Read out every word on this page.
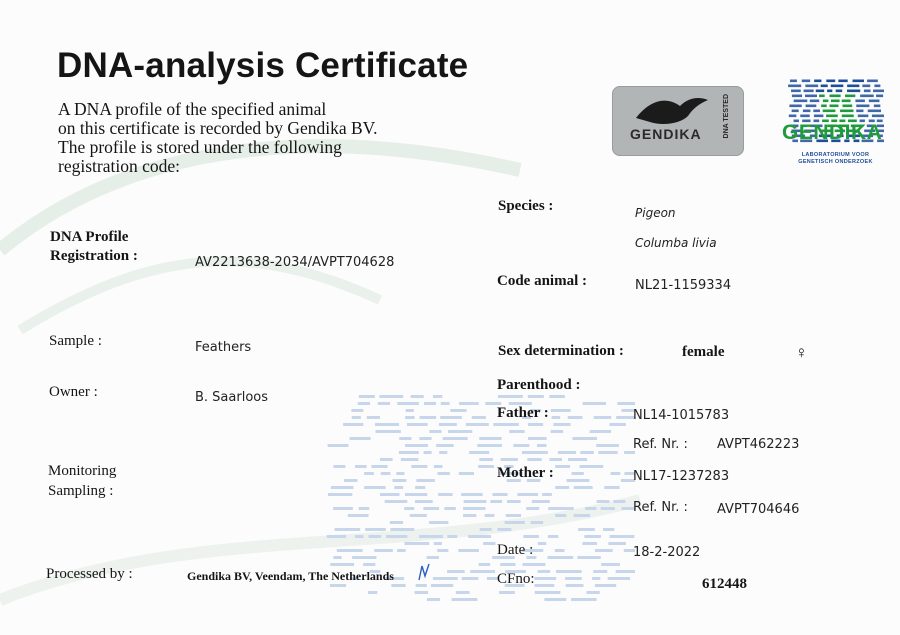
DNA-analysis Certificate
A DNA profile of the specified animal
on this certificate is recorded by Gendika BV.
The profile is stored under the following
registration code:
GENDIKA	DNA TESTED GENDIKA
LABORATORIUM VOOR
GENETISCH ONDERZOEK
DNA Profile
Registration :	AV2213638-2034/AVPT704628
Sample :	Feathers
Owner :	B. Saarloos
Monitoring
Sampling :
Processed by :	Gendika BV, Veendam, The Netherlands
Species :	Pigeon
Columba livia
Code animal :	NL21-1159334
Sex determination :	female	♀
Parenthood :
Father :	NL14-1015783
Ref. Nr. : AVPT462223
Mother :	NL17-1237283
Ref. Nr. : AVPT704646
Date :	18-2-2022
CFno:	612448
